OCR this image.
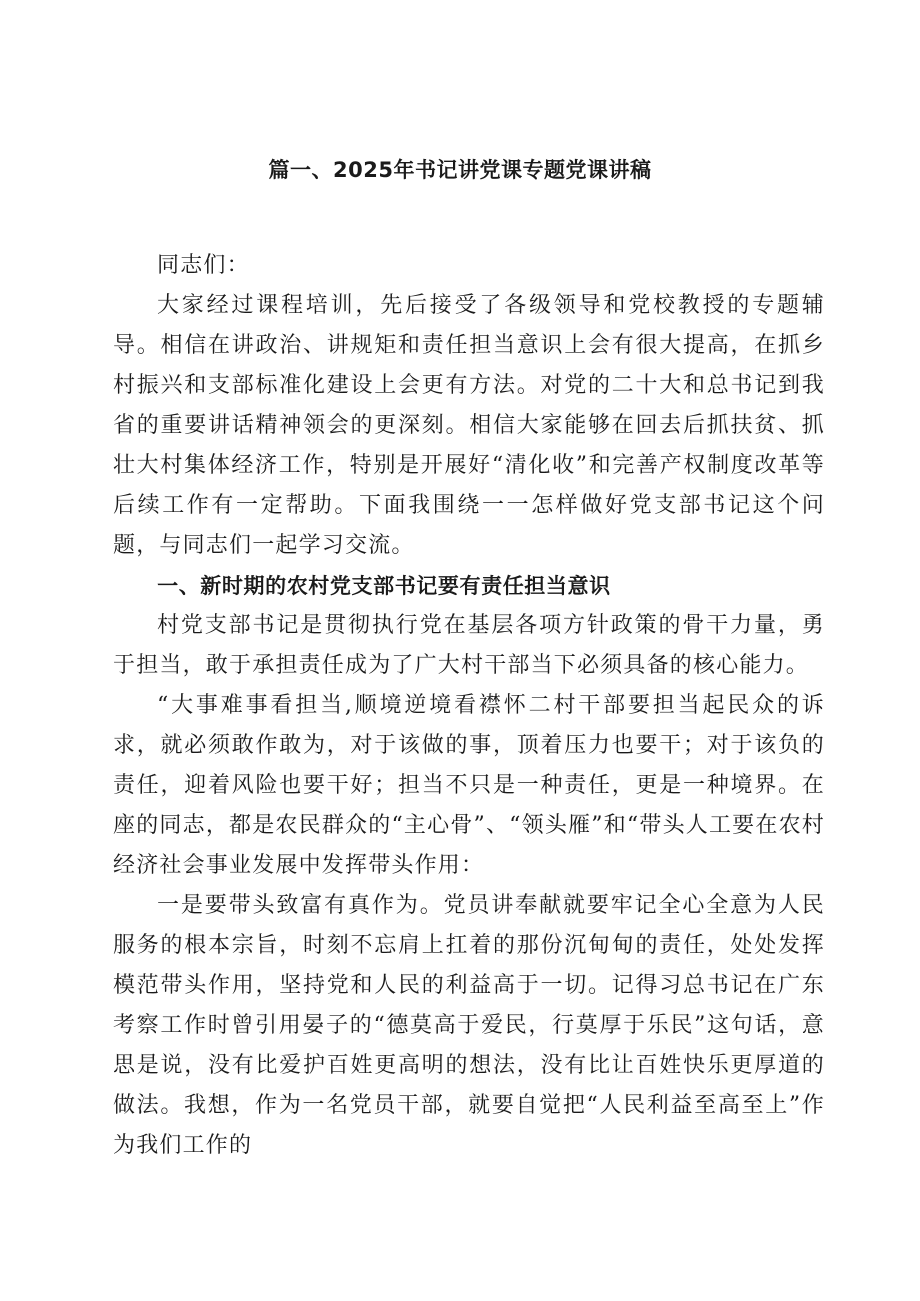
篇一、2025年书记讲党课专题党课讲稿

同志们：

大家经过课程培训，先后接受了各级领导和党校教授的专题辅导。相信在讲政治、讲规矩和责任担当意识上会有很大提高，在抓乡村振兴和支部标准化建设上会更有方法。对党的二十大和总书记到我省的重要讲话精神领会的更深刻。相信大家能够在回去后抓扶贫、抓壮大村集体经济工作，特别是开展好“清化收”和完善产权制度改革等后续工作有一定帮助。下面我围绕一一怎样做好党支部书记这个问题，与同志们一起学习交流。

一、新时期的农村党支部书记要有责任担当意识

村党支部书记是贯彻执行党在基层各项方针政策的骨干力量，勇于担当，敢于承担责任成为了广大村干部当下必须具备的核心能力。

“大事难事看担当,顺境逆境看襟怀二村干部要担当起民众的诉求，就必须敢作敢为，对于该做的事，顶着压力也要干；对于该负的责任，迎着风险也要干好；担当不只是一种责任，更是一种境界。在座的同志，都是农民群众的“主心骨”、“领头雁”和“带头人工要在农村经济社会事业发展中发挥带头作用：

一是要带头致富有真作为。党员讲奉献就要牢记全心全意为人民服务的根本宗旨，时刻不忘肩上扛着的那份沉甸甸的责任，处处发挥模范带头作用，坚持党和人民的利益高于一切。记得习总书记在广东考察工作时曾引用晏子的“德莫高于爱民，行莫厚于乐民”这句话，意思是说，没有比爱护百姓更高明的想法，没有比让百姓快乐更厚道的做法。我想，作为一名党员干部，就要自觉把“人民利益至高至上”作为我们工作的
